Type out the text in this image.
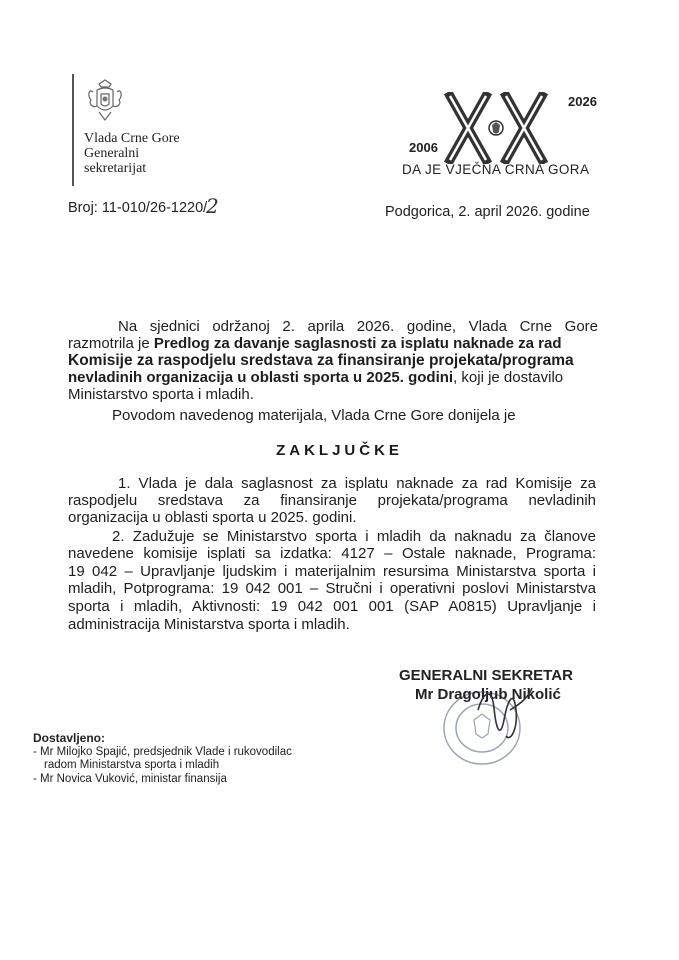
Vlada Crne Gore
Generalni
sekretarijat
2026
2006
DA JE VJEČNA CRNA GORA
Broj: 11-010/26-1220/
2	Podgorica, 2. april 2026. godine
Na sjednici održanoj 2. aprila 2026. godine, Vlada Crne Gore
razmotrila je Predlog za davanje saglasnosti za isplatu naknade za rad
Komisije za raspodjelu sredstava za finansiranje projekata/programa
nevladinih organizacija u oblasti sporta u 2025. godini, koji je dostavilo
Ministarstvo sporta i mladih.
Povodom navedenog materijala, Vlada Crne Gore donijela je
ZAKLJUČKE
1. Vlada je dala saglasnost za isplatu naknade za rad Komisije za
raspodjelu sredstava za finansiranje projekata/programa nevladinih
organizacija u oblasti sporta u 2025. godini.
2. Zadužuje se Ministarstvo sporta i mladih da naknadu za članove
navedene komisije isplati sa izdatka: 4127 – Ostale naknade, Programa:
19 042 – Upravljanje ljudskim i materijalnim resursima Ministarstva sporta i
mladih, Potprograma: 19 042 001 – Stručni i operativni poslovi Ministarstva
sporta i mladih, Aktivnosti: 19 042 001 001 (SAP A0815) Upravljanje i
administracija Ministarstva sporta i mladih.
GENERALNI SEKRETAR
Mr Dragoljub Nikolić
Dostavljeno:
- Mr Milojko Spajić, predsjednik Vlade i rukovodilac
radom Ministarstva sporta i mladih
- Mr Novica Vuković, ministar finansija
